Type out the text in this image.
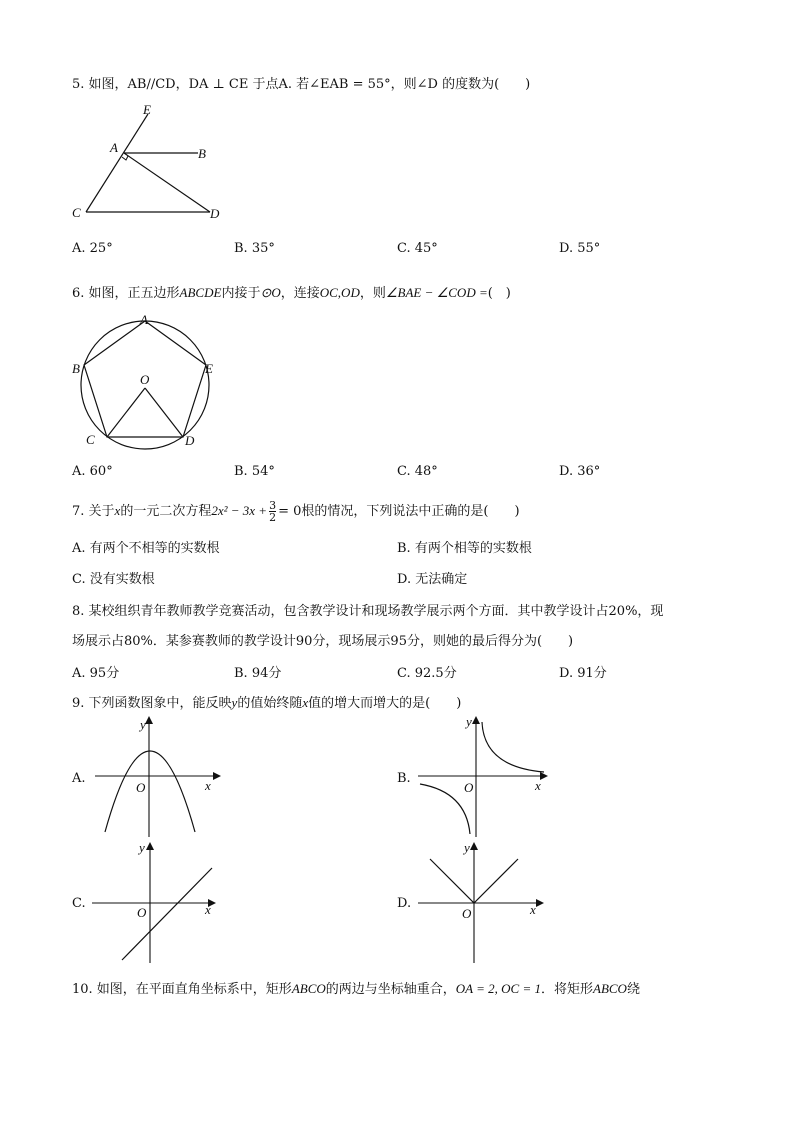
5. 如图，AB//CD，DA ⊥ CE 于点A. 若∠EAB = 55°，则∠D 的度数为(　　)
E
A	B
C	D
A. 25°	B. 35°	C. 45°	D. 55°
6. 如图，正五边形ABCDE内接于⊙O，连接OC,OD，则∠BAE − ∠COD =(　)
A
B
C	D
E
O
A. 60°	B. 54°	C. 48°	D. 36°
7. 关于x的一元二次方程$2x^2 - 3x + \frac{3}{2} = 0$根的情况，下列说法中正确的是(　　)
A. 有两个不相等的实数根	B. 有两个相等的实数根
C. 没有实数根	D. 无法确定
8. 某校组织青年教师教学竞赛活动，包含教学设计和现场教学展示两个方面．其中教学设计占20%，现
场展示占80%．某参赛教师的教学设计90分，现场展示95分，则她的最后得分为(　　)
A. 95分	B. 94分	C. 92.5分	D. 91分
9. 下列函数图象中，能反映y的值始终随x值的增大而增大的是(　　)
A.
y
x
O
B.
y
x
O
C.
y
x
O
D.
y
x
O
10. 如图，在平面直角坐标系中，矩形ABCO的两边与坐标轴重合，OA = 2, OC = 1．将矩形ABCO绕
